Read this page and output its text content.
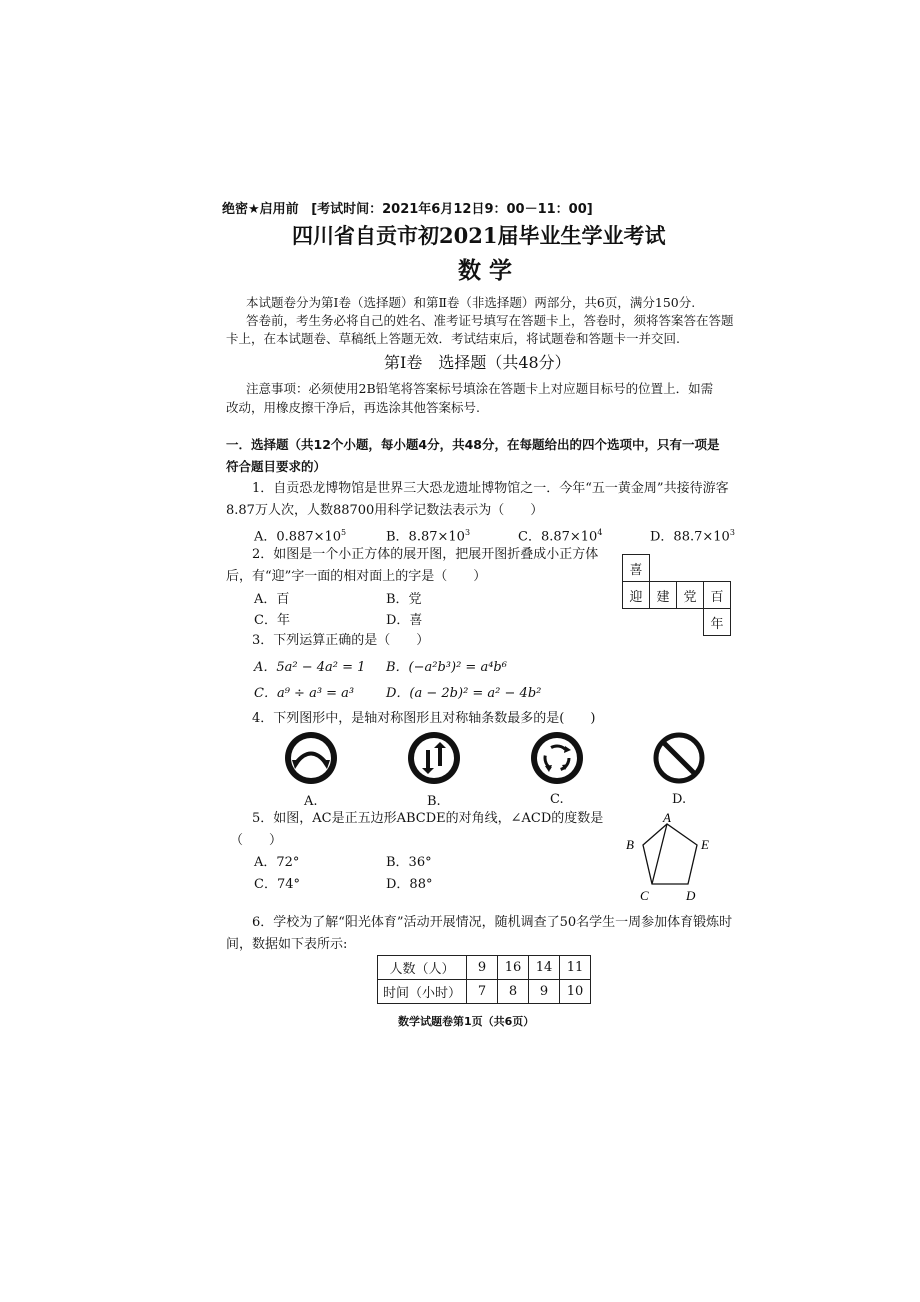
绝密★启用前 [考试时间：2021年6月12日9：00－11：00]
四川省自贡市初2021届毕业生学业考试
数 学
本试题卷分为第Ⅰ卷（选择题）和第Ⅱ卷（非选择题）两部分，共6页，满分150分.
答卷前，考生务必将自己的姓名、准考证号填写在答题卡上，答卷时，须将答案答在答题
卡上，在本试题卷、草稿纸上答题无效．考试结束后，将试题卷和答题卡一并交回.
第Ⅰ卷　选择题（共48分）
注意事项：必须使用2B铅笔将答案标号填涂在答题卡上对应题目标号的位置上．如需
改动，用橡皮擦干净后，再选涂其他答案标号.
一．选择题（共12个小题，每小题4分，共48分，在每题给出的四个选项中，只有一项是
符合题目要求的）
1．自贡恐龙博物馆是世界三大恐龙遗址博物馆之一．今年“五一黄金周”共接待游客
8.87万人次，人数88700用科学记数法表示为（　　）
A．$0.887\times 10^5$	B．$8.87\times 10^3$	C．$8.87\times 10^4$	D．$88.7\times 10^3$
2．如图是一个小正方体的展开图，把展开图折叠成小正方体
后，有“迎”字一面的相对面上的字是（　　）
A．百	B．党
C．年	D．喜
喜			
迎	建	党	百
			年
3．下列运算正确的是（　　）
A．5a² − 4a² = 1 B．(−a²b³)² = a⁴b⁶
C．a⁹ ÷ a³ = a³ D．(a − 2b)² = a² − 4b²
4．下列图形中，是轴对称图形且对称轴条数最多的是(　　)
A.	B.	C.	D.
5．如图，AC是正五边形ABCDE的对角线，∠ACD的度数是
（　　）
A．72°	B．36°
C．74°	D．88°
A
B
C	D
E
6．学校为了解“阳光体育”活动开展情况，随机调查了50名学生一周参加体育锻炼时
间，数据如下表所示:
人数（人）	9	16	14	11
时间（小时）	7	8	9	10
数学试题卷第1页（共6页）
